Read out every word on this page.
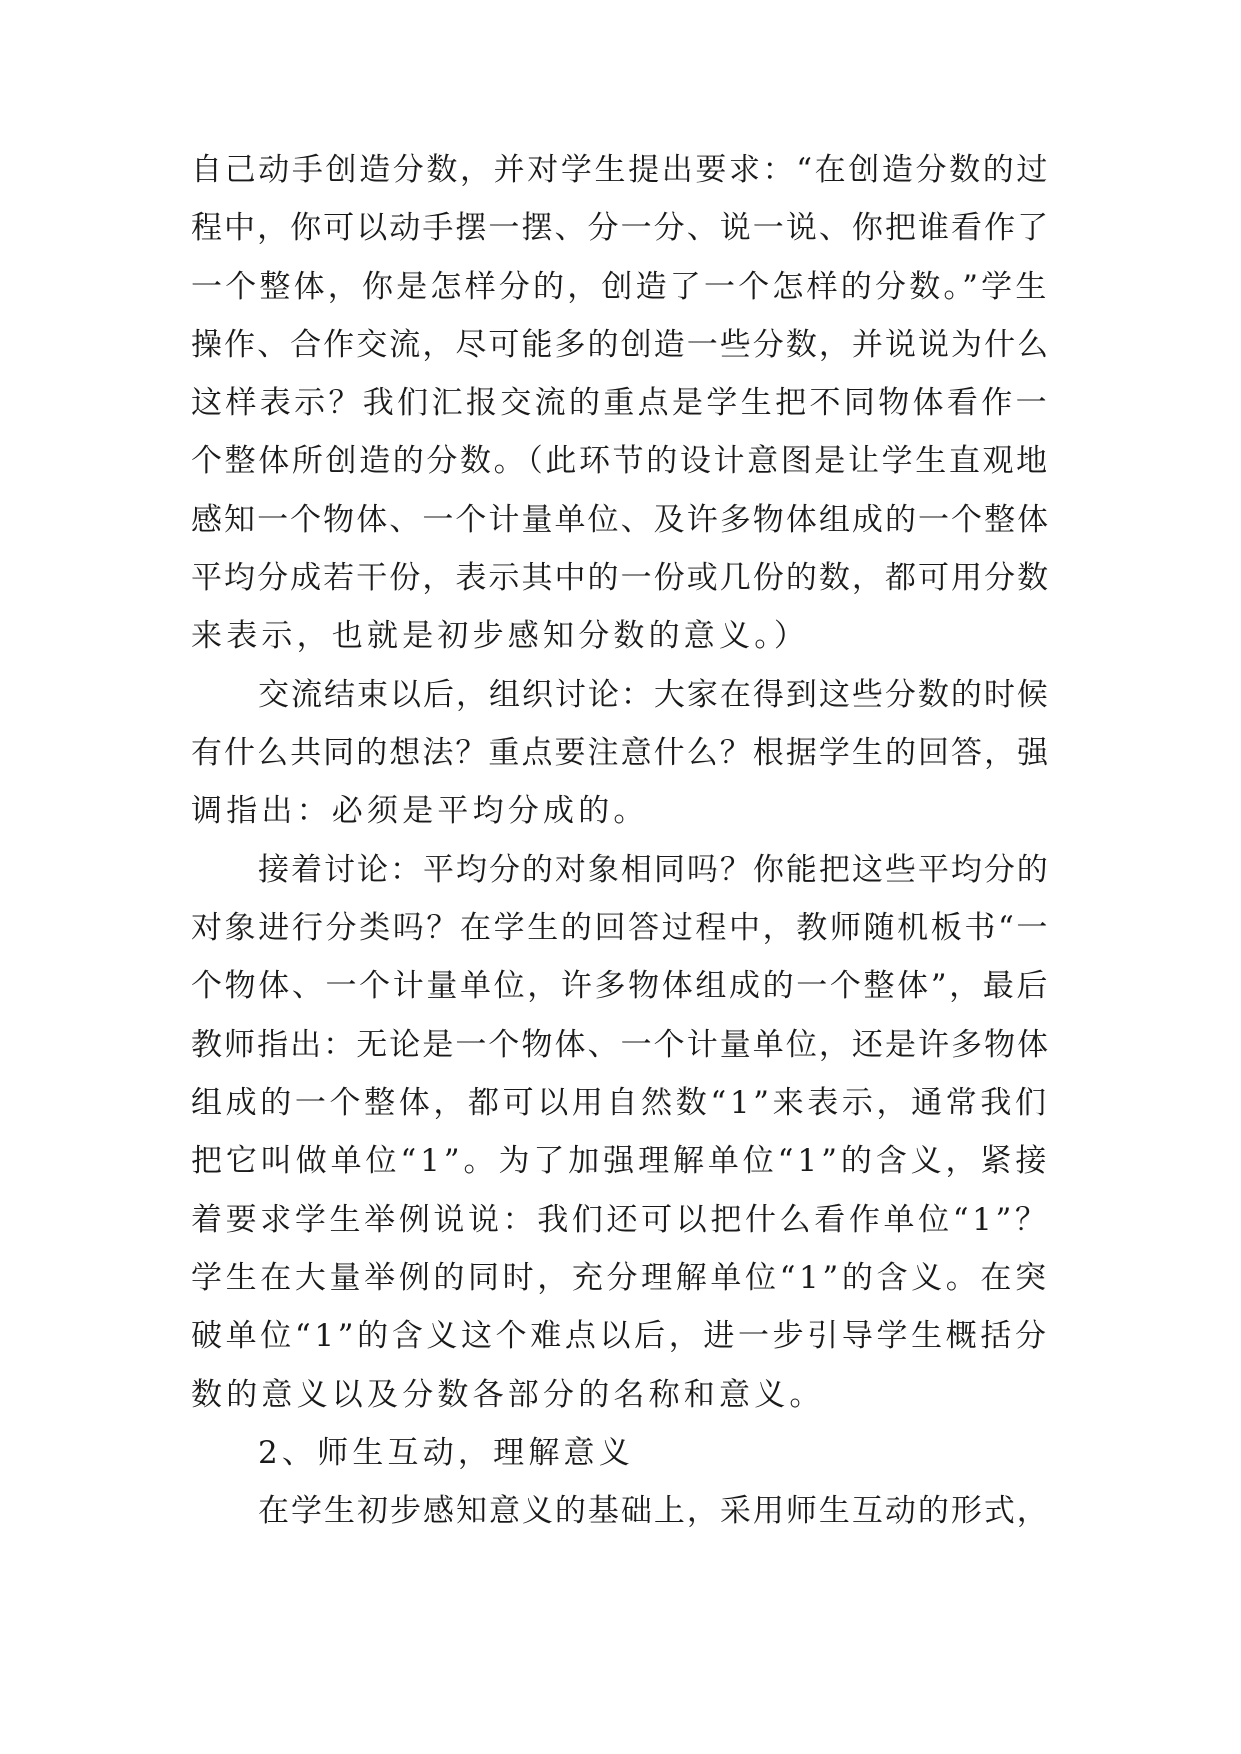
自己动手创造分数，并对学生提出要求：“在创造分数的过
程中，你可以动手摆一摆、分一分、说一说、你把谁看作了
一个整体，你是怎样分的，创造了一个怎样的分数。”学生
操作、合作交流，尽可能多的创造一些分数，并说说为什么
这样表示？我们汇报交流的重点是学生把不同物体看作一
个整体所创造的分数。（此环节的设计意图是让学生直观地
感知一个物体、一个计量单位、及许多物体组成的一个整体
平均分成若干份，表示其中的一份或几份的数，都可用分数
来表示，也就是初步感知分数的意义。）
交流结束以后，组织讨论：大家在得到这些分数的时候
有什么共同的想法？重点要注意什么？根据学生的回答，强
调指出：必须是平均分成的。
接着讨论：平均分的对象相同吗？你能把这些平均分的
对象进行分类吗？在学生的回答过程中，教师随机板书“一
个物体、一个计量单位，许多物体组成的一个整体”，最后
教师指出：无论是一个物体、一个计量单位，还是许多物体
组成的一个整体，都可以用自然数“1”来表示，通常我们
把它叫做单位“1”。为了加强理解单位“1”的含义，紧接
着要求学生举例说说：我们还可以把什么看作单位“1”？
学生在大量举例的同时，充分理解单位“1”的含义。在突
破单位“1”的含义这个难点以后，进一步引导学生概括分
数的意义以及分数各部分的名称和意义。
2、师生互动，理解意义
在学生初步感知意义的基础上，采用师生互动的形式，
